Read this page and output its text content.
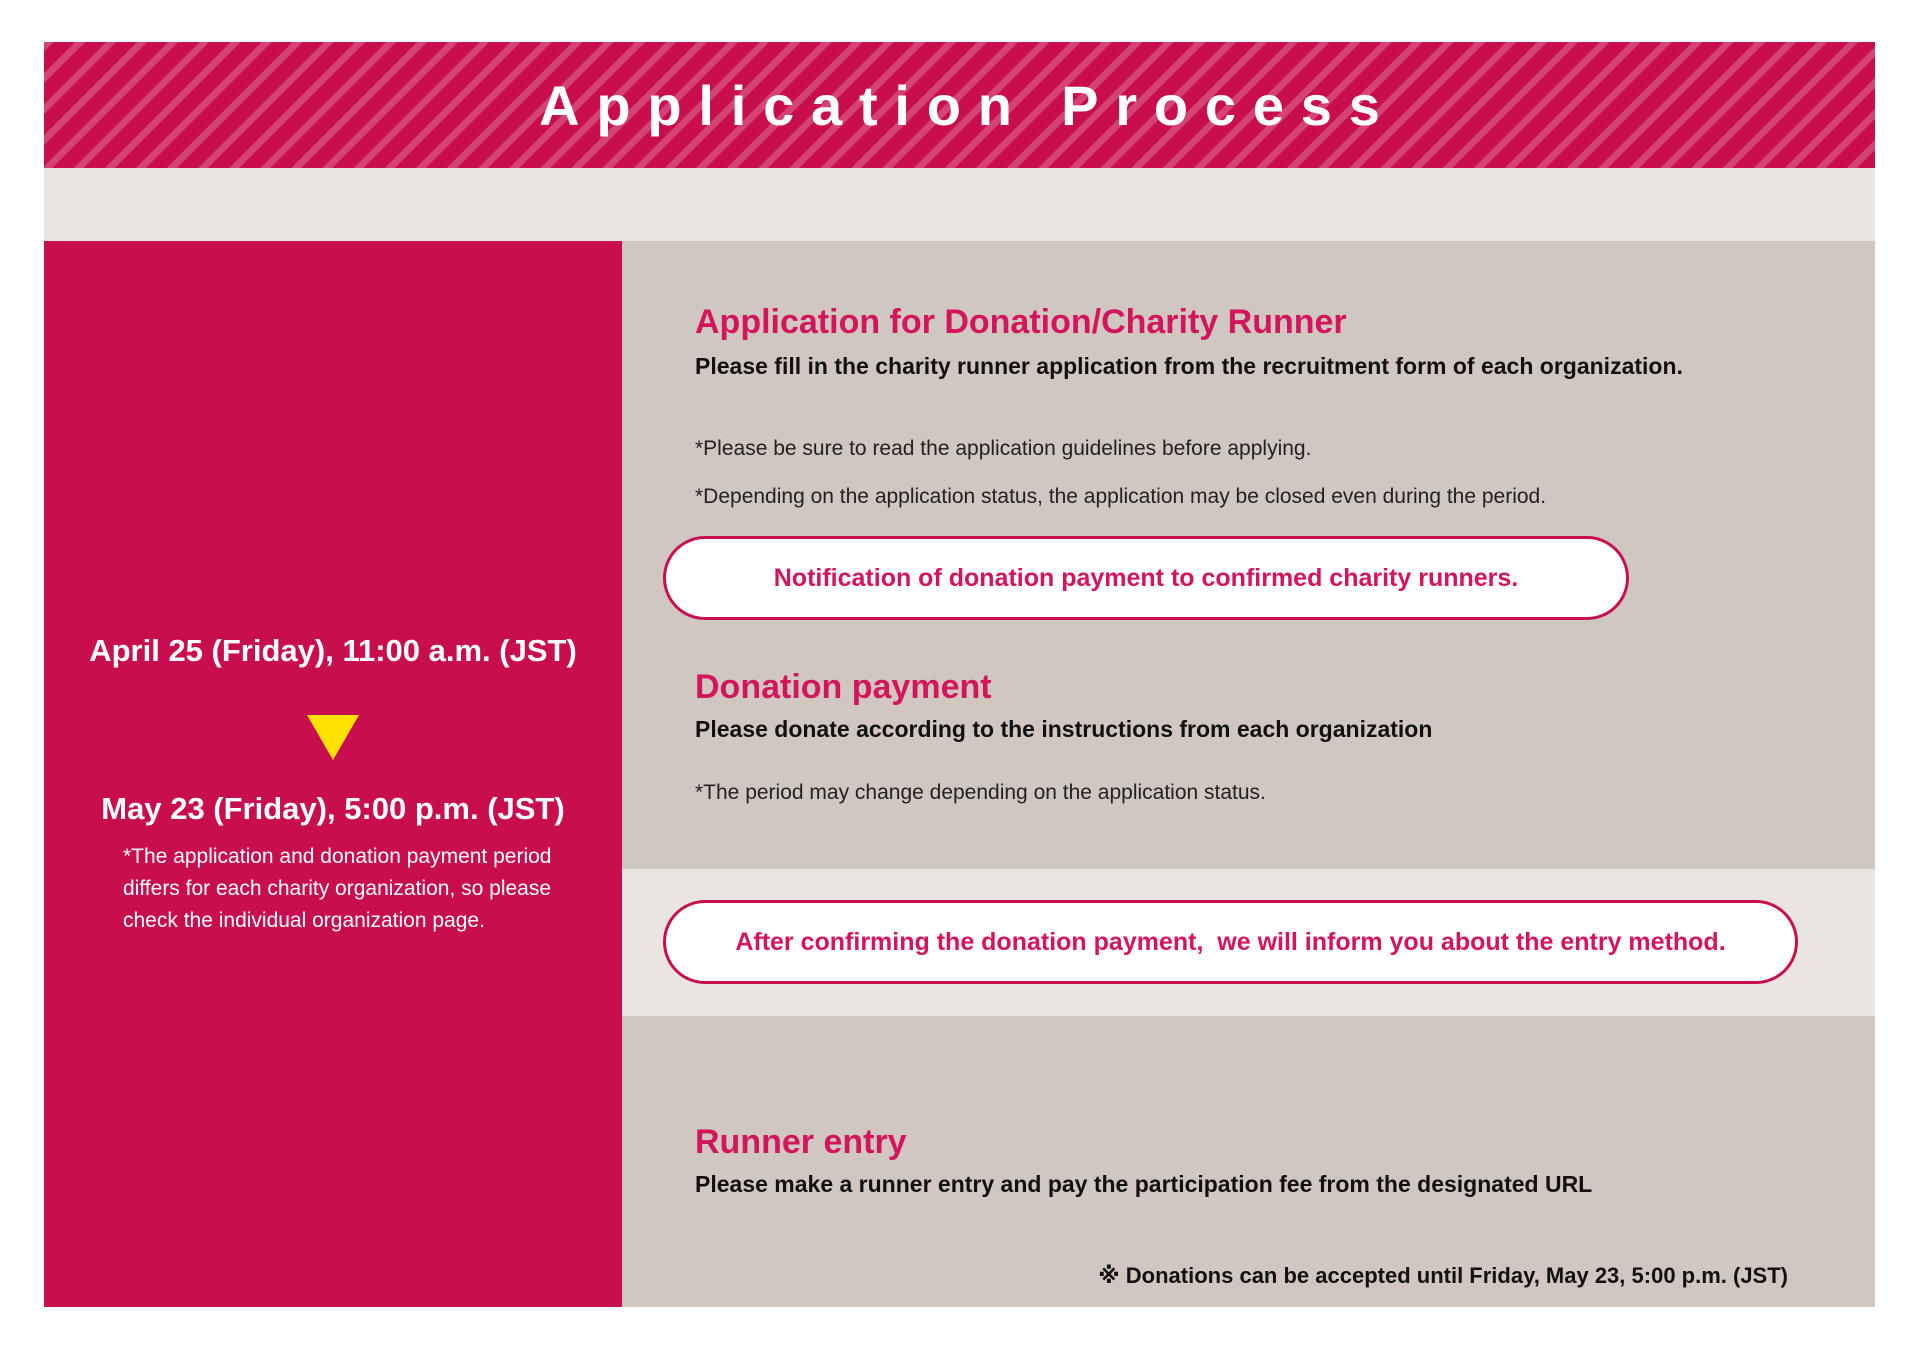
Application Process
April 25 (Friday), 11:00 a.m. (JST)
May 23 (Friday), 5:00 p.m. (JST)
*The application and donation payment period
differs for each charity organization, so please
check the individual organization page.
Application for Donation/Charity Runner
Please fill in the charity runner application from the recruitment form of each organization.
*Please be sure to read the application guidelines before applying.
*Depending on the application status, the application may be closed even during the period.
Notification of donation payment to confirmed charity runners.
Donation payment
Please donate according to the instructions from each organization
*The period may change depending on the application status.
After confirming the donation payment,  we will inform you about the entry method.
Runner entry
Please make a runner entry and pay the participation fee from the designated URL
※ Donations can be accepted until Friday, May 23, 5:00 p.m. (JST)
